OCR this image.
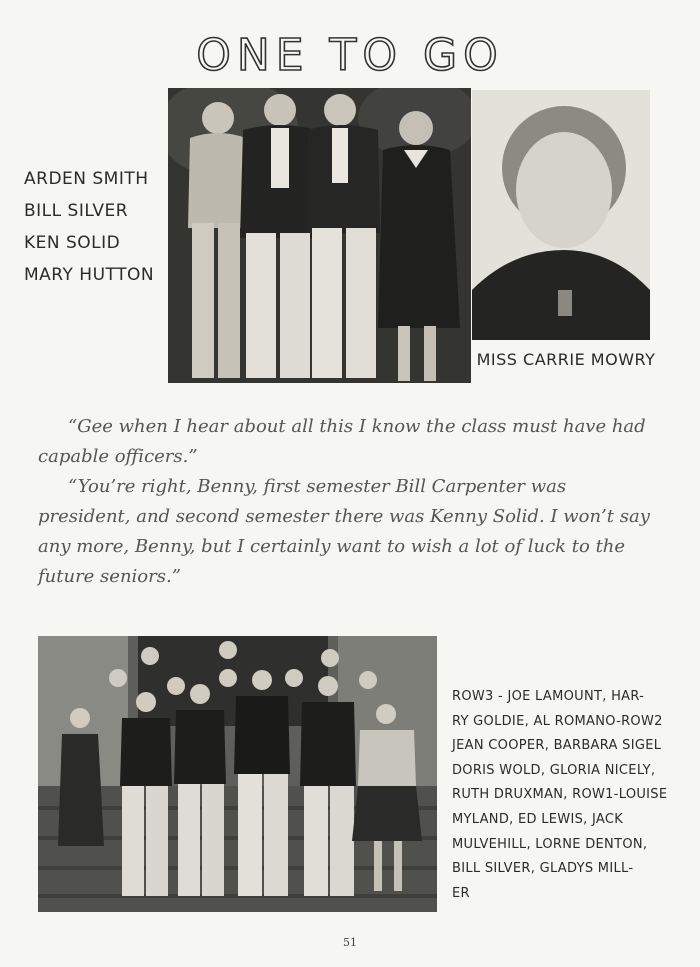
ONE TO GO
ARDEN SMITH
BILL SILVER
KEN SOLID
MARY HUTTON
MISS CARRIE MOWRY

“Gee when I hear about all this I know the class must have had capable officers.”

“You’re right, Benny, first semester Bill Carpenter was president, and second semester there was Kenny Solid. I won’t say any more, Benny, but I certainly want to wish a lot of luck to the future seniors.”

ROW3 - JOE LAMOUNT, HAR-
RY GOLDIE, AL ROMANO-ROW2
JEAN COOPER, BARBARA SIGEL
DORIS WOLD, GLORIA NICELY,
RUTH DRUXMAN, ROW1-LOUISE
MYLAND, ED LEWIS, JACK
MULVEHILL, LORNE DENTON,
BILL SILVER, GLADYS MILL-
ER
51
